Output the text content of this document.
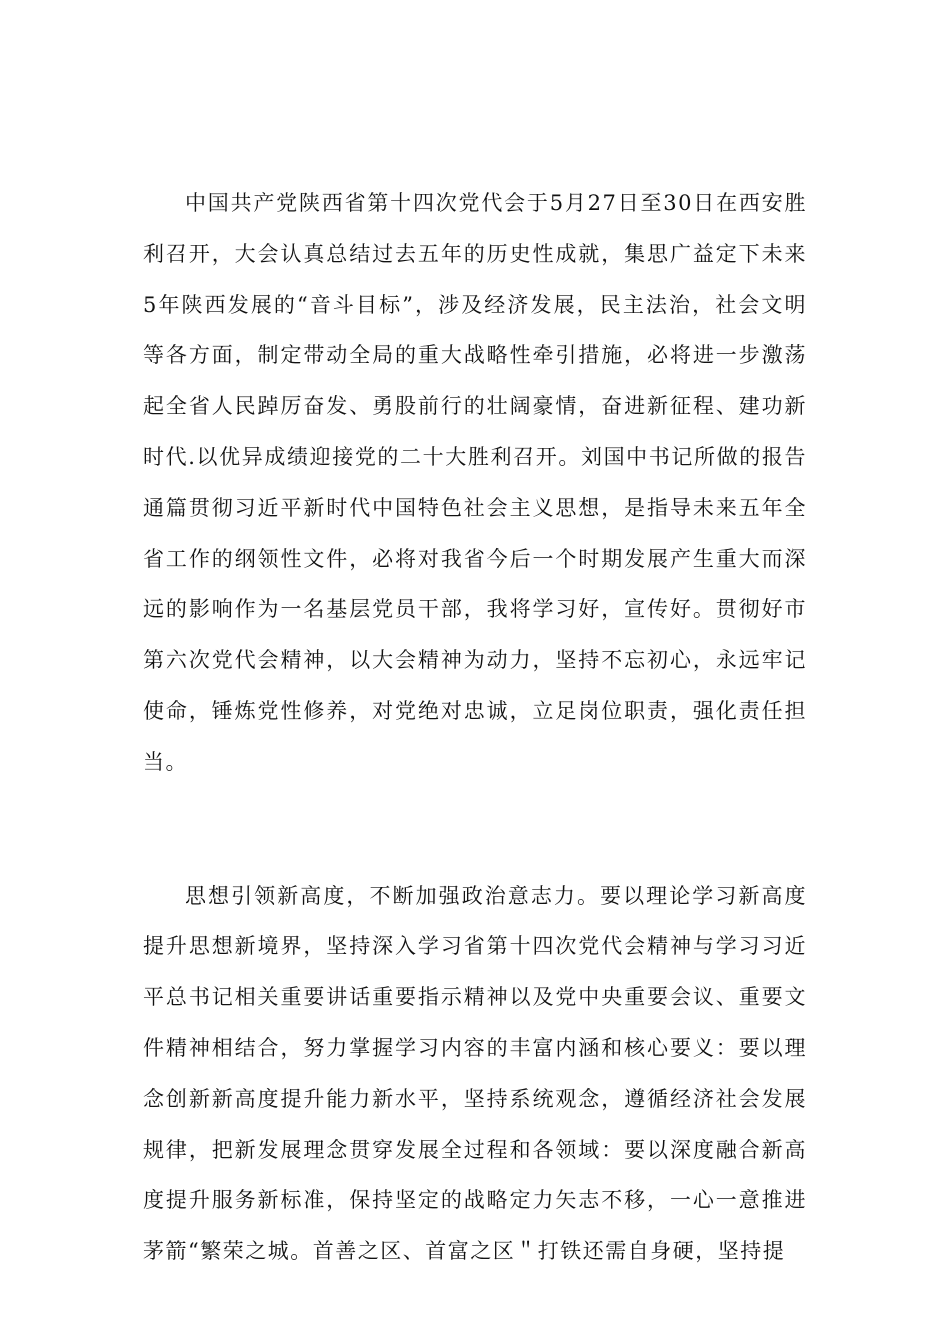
中国共产党陕西省第十四次党代会于5月27日至30日在西安胜利召开，大会认真总结过去五年的历史性成就，集思广益定下未来5年陕西发展的“音斗目标”，涉及经济发展，民主法治，社会文明等各方面，制定带动全局的重大战略性牵引措施，必将进一步激荡起全省人民踔厉奋发、勇股前行的壮阔豪情，奋进新征程、建功新时代.以优异成绩迎接党的二十大胜利召开。刘国中书记所做的报告通篇贯彻习近平新时代中国特色社会主义思想，是指导未来五年全省工作的纲领性文件，必将对我省今后一个时期发展产生重大而深远的影响作为一名基层党员干部，我将学习好，宣传好。贯彻好市第六次党代会精神，以大会精神为动力，坚持不忘初心，永远牢记使命，锤炼党性修养，对党绝对忠诚，立足岗位职责，强化责任担当。

思想引领新高度，不断加强政治意志力。要以理论学习新高度提升思想新境界，坚持深入学习省第十四次党代会精神与学习习近平总书记相关重要讲话重要指示精神以及党中央重要会议、重要文件精神相结合，努力掌握学习内容的丰富内涵和核心要义：要以理念创新新高度提升能力新水平，坚持系统观念，遵循经济社会发展规律，把新发展理念贯穿发展全过程和各领域：要以深度融合新高度提升服务新标准，保持坚定的战略定力矢志不移，一心一意推进茅箭“繁荣之城。首善之区、首富之区＂打铁还需自身硬，坚持提
